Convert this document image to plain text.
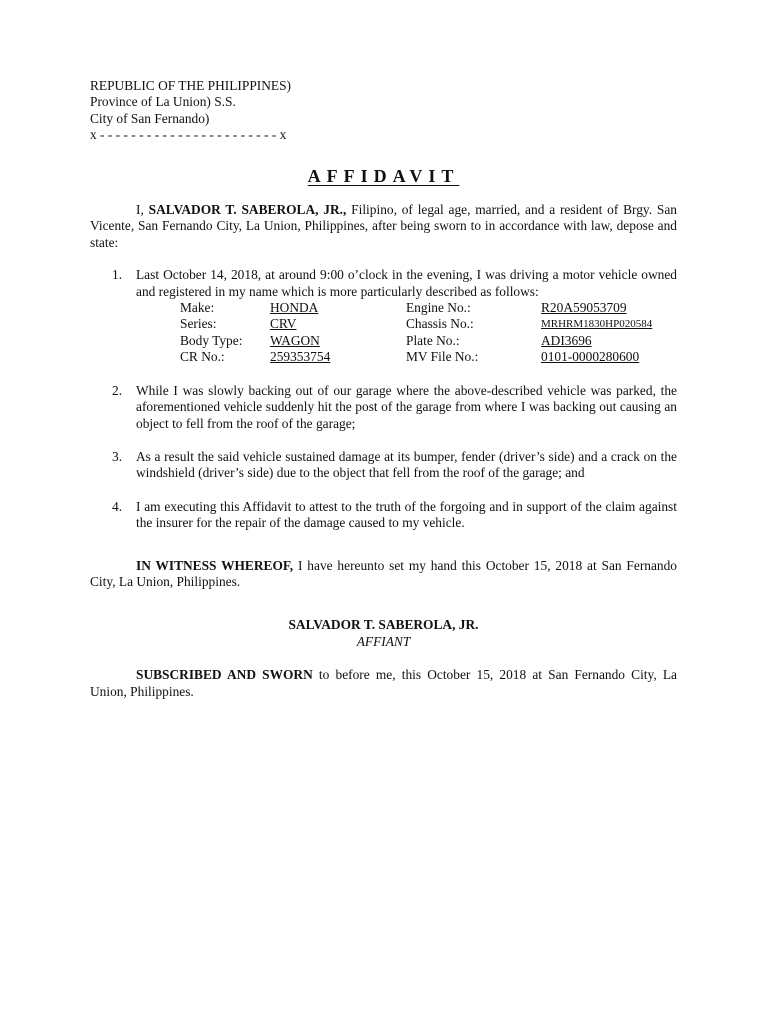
REPUBLIC OF THE PHILIPPINES)
Province of La Union) S.S.
City of San Fernando)
x - - - - - - - - - - - - - - - - - - - - - - - x
AFFIDAVIT
I, SALVADOR T. SABEROLA, JR., Filipino, of legal age, married, and a resident of Brgy. San Vicente, San Fernando City, La Union, Philippines, after being sworn to in accordance with law, depose and state:
1. Last October 14, 2018, at around 9:00 o’clock in the evening, I was driving a motor vehicle owned and registered in my name which is more particularly described as follows:
Make:	HONDA	Engine No.:	R20A59053709
Series:	CRV	Chassis No.:	MRHRM1830HP020584
Body Type:	WAGON	Plate No.:	ADI3696
CR No.:	259353754	MV File No.:	0101-0000280600
2. While I was slowly backing out of our garage where the above-described vehicle was parked, the aforementioned vehicle suddenly hit the post of the garage from where I was backing out causing an object to fell from the roof of the garage;
3. As a result the said vehicle sustained damage at its bumper, fender (driver’s side) and a crack on the windshield (driver’s side) due to the object that fell from the roof of the garage; and
4. I am executing this Affidavit to attest to the truth of the forgoing and in support of the claim against the insurer for the repair of the damage caused to my vehicle.
IN WITNESS WHEREOF, I have hereunto set my hand this October 15, 2018 at San Fernando City, La Union, Philippines.
SALVADOR T. SABEROLA, JR.
AFFIANT
SUBSCRIBED AND SWORN to before me, this October 15, 2018 at San Fernando City, La Union, Philippines.
